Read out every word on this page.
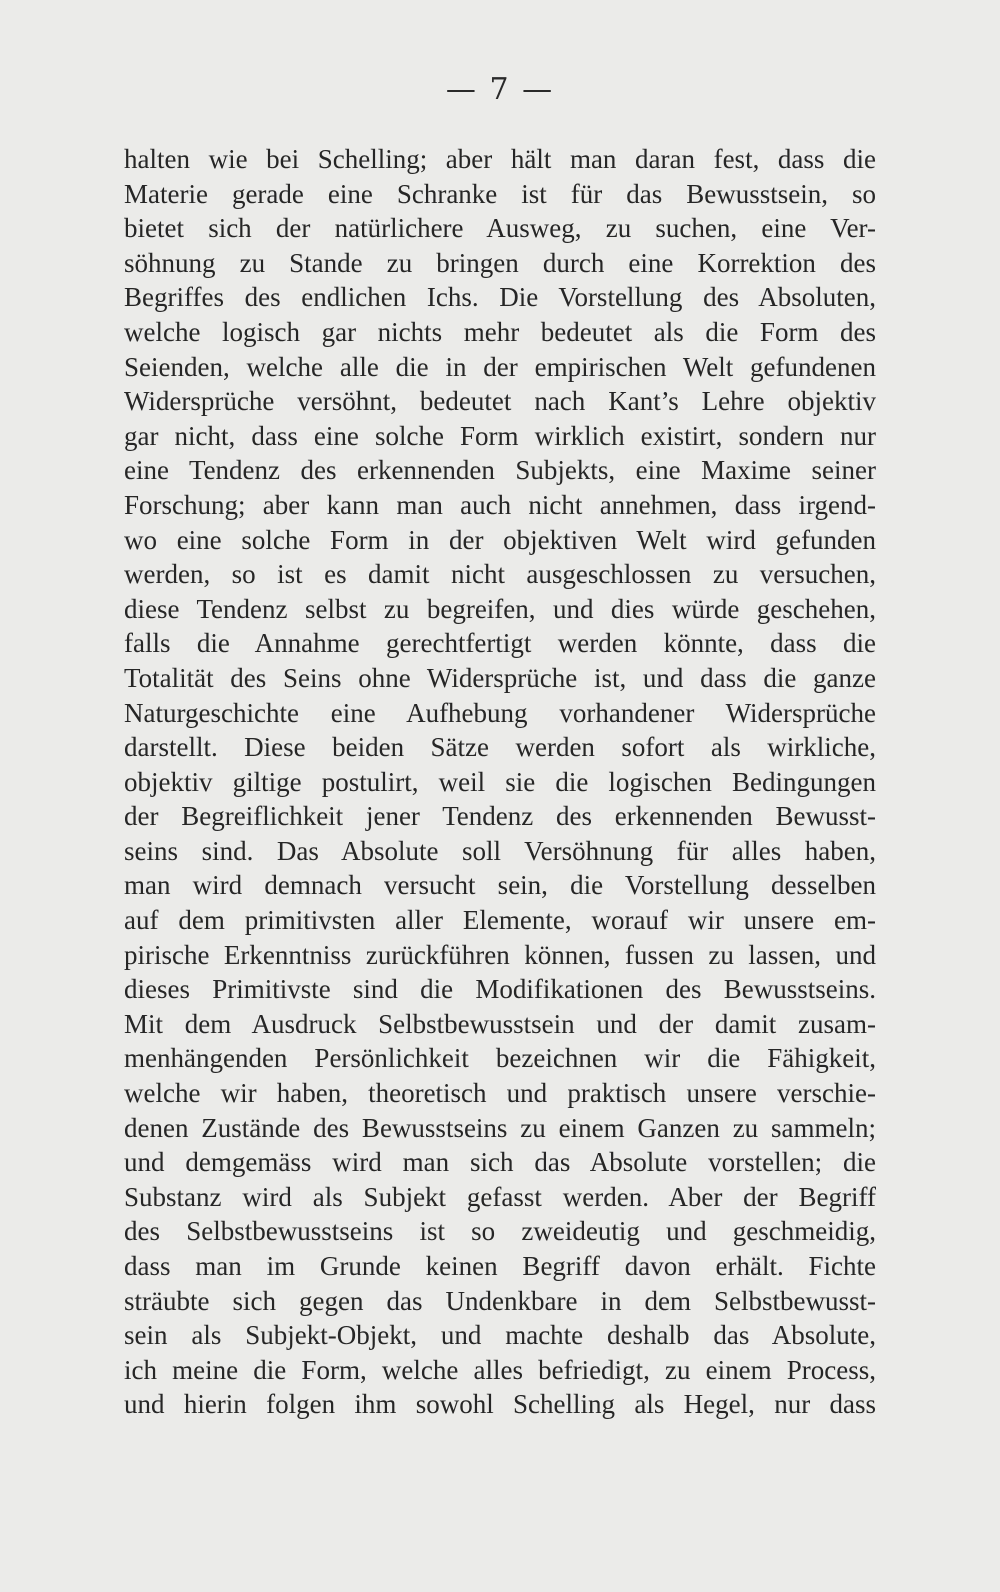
— 7 —
halten wie bei Schelling; aber hält man daran fest, dass die
Materie gerade eine Schranke ist für das Bewusstsein, so
bietet sich der natürlichere Ausweg, zu suchen, eine Ver-
söhnung zu Stande zu bringen durch eine Korrektion des
Begriffes des endlichen Ichs. Die Vorstellung des Absoluten,
welche logisch gar nichts mehr bedeutet als die Form des
Seienden, welche alle die in der empirischen Welt gefundenen
Widersprüche versöhnt, bedeutet nach Kant’s Lehre objektiv
gar nicht, dass eine solche Form wirklich existirt, sondern nur
eine Tendenz des erkennenden Subjekts, eine Maxime seiner
Forschung; aber kann man auch nicht annehmen, dass irgend-
wo eine solche Form in der objektiven Welt wird gefunden
werden, so ist es damit nicht ausgeschlossen zu versuchen,
diese Tendenz selbst zu begreifen, und dies würde geschehen,
falls die Annahme gerechtfertigt werden könnte, dass die
Totalität des Seins ohne Widersprüche ist, und dass die ganze
Naturgeschichte eine Aufhebung vorhandener Widersprüche
darstellt. Diese beiden Sätze werden sofort als wirkliche,
objektiv giltige postulirt, weil sie die logischen Bedingungen
der Begreiflichkeit jener Tendenz des erkennenden Bewusst-
seins sind. Das Absolute soll Versöhnung für alles haben,
man wird demnach versucht sein, die Vorstellung desselben
auf dem primitivsten aller Elemente, worauf wir unsere em-
pirische Erkenntniss zurückführen können, fussen zu lassen, und
dieses Primitivste sind die Modifikationen des Bewusstseins.
Mit dem Ausdruck Selbstbewusstsein und der damit zusam-
menhängenden Persönlichkeit bezeichnen wir die Fähigkeit,
welche wir haben, theoretisch und praktisch unsere verschie-
denen Zustände des Bewusstseins zu einem Ganzen zu sammeln;
und demgemäss wird man sich das Absolute vorstellen; die
Substanz wird als Subjekt gefasst werden. Aber der Begriff
des Selbstbewusstseins ist so zweideutig und geschmeidig,
dass man im Grunde keinen Begriff davon erhält. Fichte
sträubte sich gegen das Undenkbare in dem Selbstbewusst-
sein als Subjekt-Objekt, und machte deshalb das Absolute,
ich meine die Form, welche alles befriedigt, zu einem Process,
und hierin folgen ihm sowohl Schelling als Hegel, nur dass
